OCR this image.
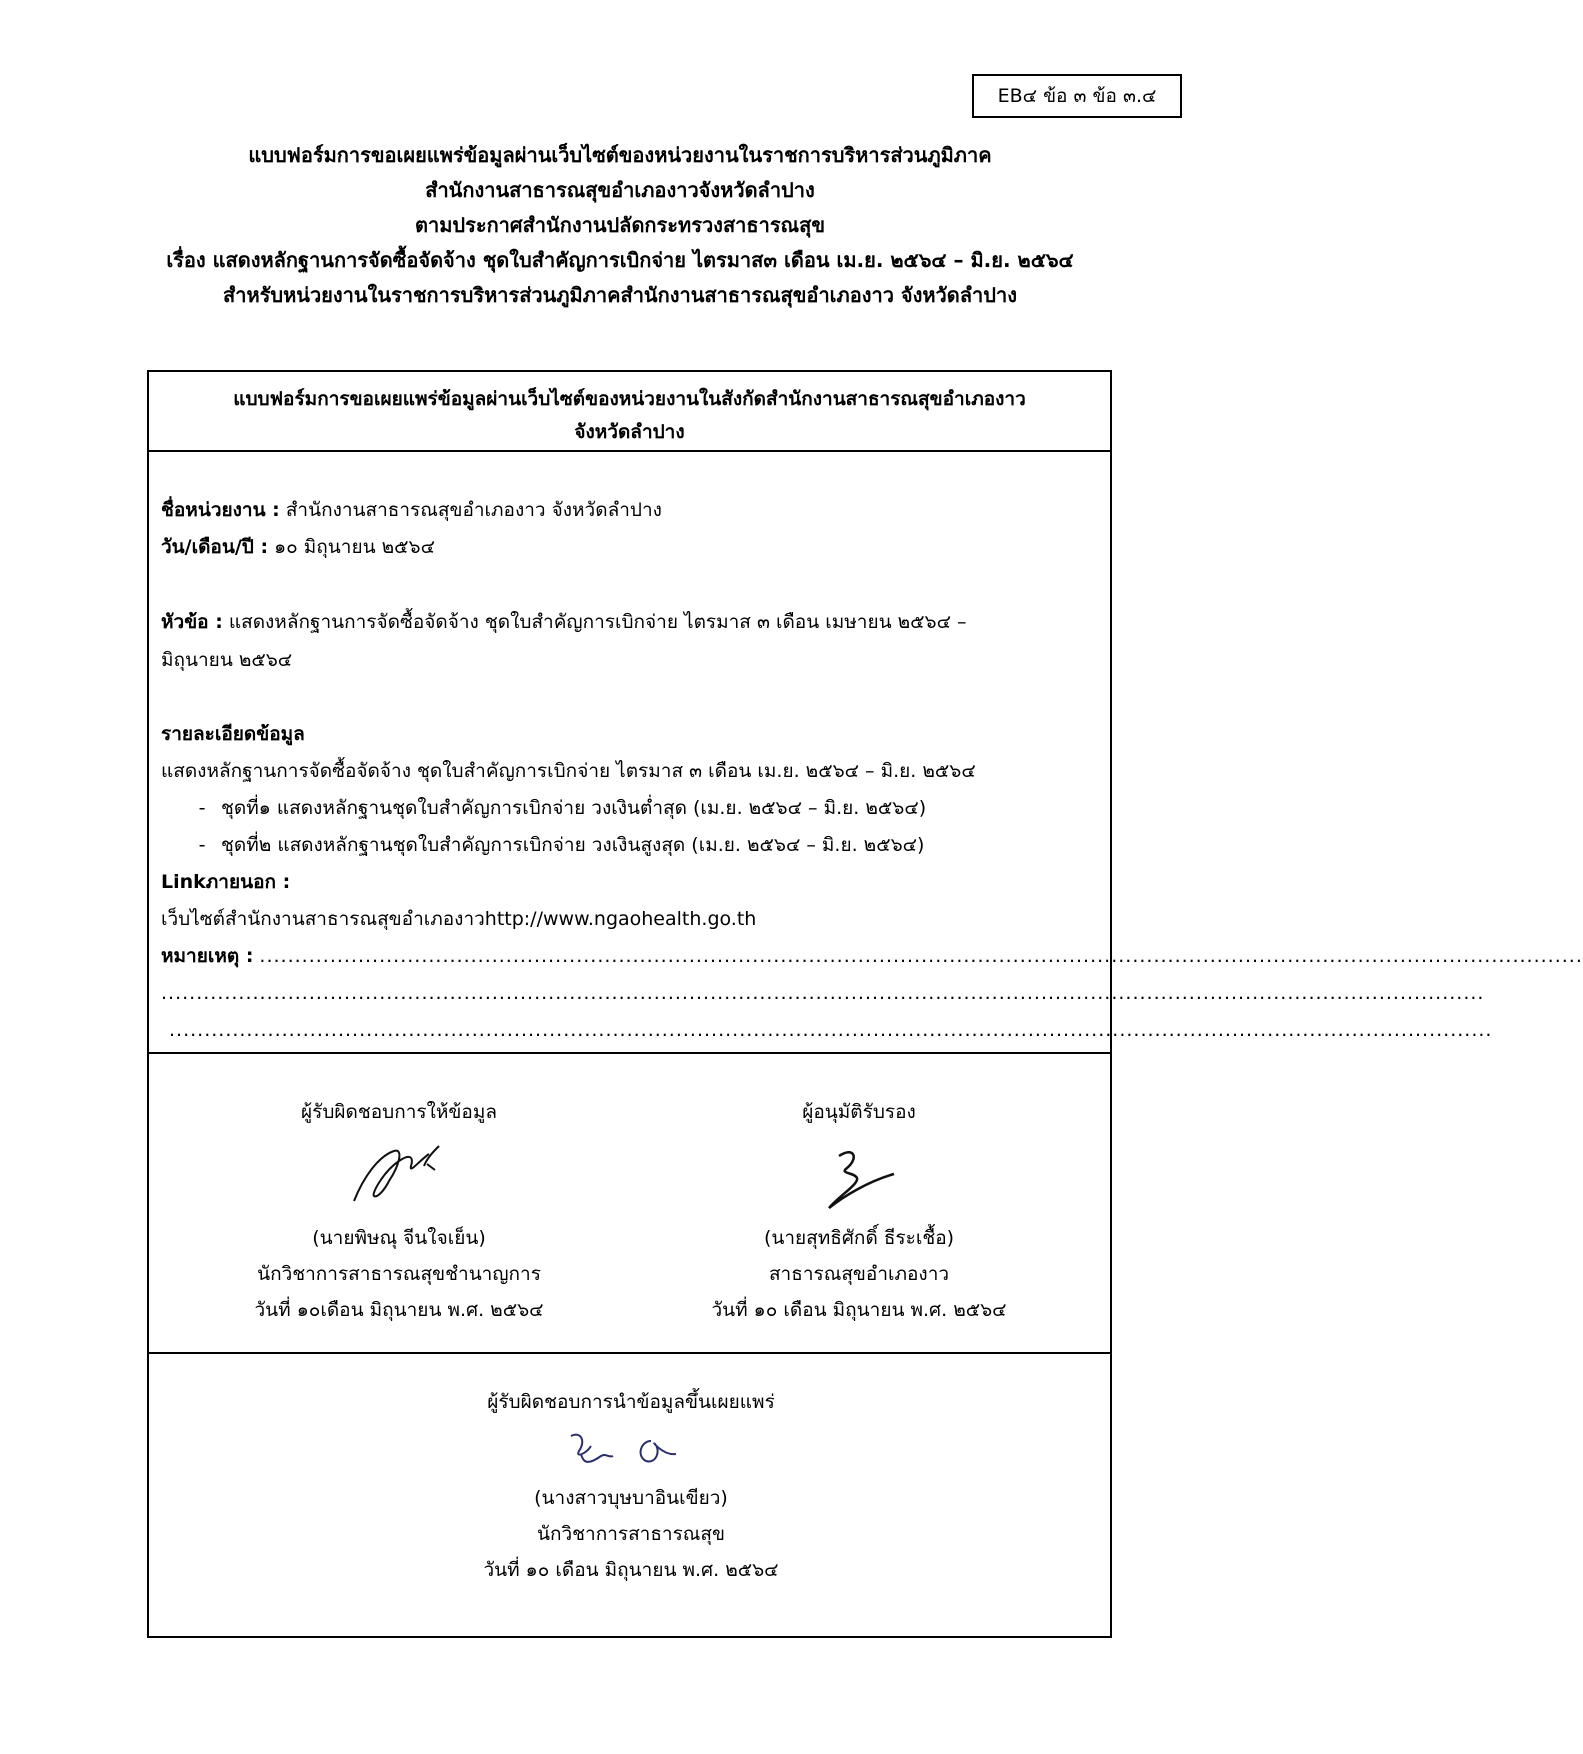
EB๔ ข้อ ๓ ข้อ ๓.๔
แบบฟอร์มการขอเผยแพร่ข้อมูลผ่านเว็บไซต์ของหน่วยงานในราชการบริหารส่วนภูมิภาค
สำนักงานสาธารณสุขอำเภองาวจังหวัดลำปาง
ตามประกาศสำนักงานปลัดกระทรวงสาธารณสุข
เรื่อง แสดงหลักฐานการจัดซื้อจัดจ้าง ชุดใบสำคัญการเบิกจ่าย ไตรมาส๓ เดือน เม.ย. ๒๕๖๔ – มิ.ย. ๒๕๖๔
สำหรับหน่วยงานในราชการบริหารส่วนภูมิภาคสำนักงานสาธารณสุขอำเภองาว จังหวัดลำปาง
แบบฟอร์มการขอเผยแพร่ข้อมูลผ่านเว็บไซต์ของหน่วยงานในสังกัดสำนักงานสาธารณสุขอำเภองาว
จังหวัดลำปาง
ชื่อหน่วยงาน : สำนักงานสาธารณสุขอำเภองาว จังหวัดลำปาง
วัน/เดือน/ปี : ๑๐ มิถุนายน ๒๕๖๔
หัวข้อ : แสดงหลักฐานการจัดซื้อจัดจ้าง ชุดใบสำคัญการเบิกจ่าย ไตรมาส ๓ เดือน เมษายน ๒๕๖๔ –
มิถุนายน ๒๕๖๔
รายละเอียดข้อมูล
แสดงหลักฐานการจัดซื้อจัดจ้าง ชุดใบสำคัญการเบิกจ่าย ไตรมาส ๓ เดือน เม.ย. ๒๕๖๔ – มิ.ย. ๒๕๖๔
- ชุดที่๑ แสดงหลักฐานชุดใบสำคัญการเบิกจ่าย วงเงินต่ำสุด (เม.ย. ๒๕๖๔ – มิ.ย. ๒๕๖๔)
- ชุดที่๒ แสดงหลักฐานชุดใบสำคัญการเบิกจ่าย วงเงินสูงสุด (เม.ย. ๒๕๖๔ – มิ.ย. ๒๕๖๔)
Linkภายนอก :
เว็บไซต์สำนักงานสาธารณสุขอำเภองาวhttp://www.ngaohealth.go.th
หมายเหตุ : ............................................................................................................................................................................................
............................................................................................................................................................................................
............................................................................................................................................................................................
ผู้รับผิดชอบการให้ข้อมูล
(นายพิษณุ จีนใจเย็น)
นักวิชาการสาธารณสุขชำนาญการ
วันที่ ๑๐เดือน มิถุนายน พ.ศ. ๒๕๖๔
ผู้อนุมัติรับรอง
(นายสุทธิศักดิ์ ธีระเชื้อ)
สาธารณสุขอำเภองาว
วันที่ ๑๐ เดือน มิถุนายน พ.ศ. ๒๕๖๔
ผู้รับผิดชอบการนำข้อมูลขึ้นเผยแพร่
(นางสาวบุษบาอินเขียว)
นักวิชาการสาธารณสุข
วันที่ ๑๐ เดือน มิถุนายน พ.ศ. ๒๕๖๔
